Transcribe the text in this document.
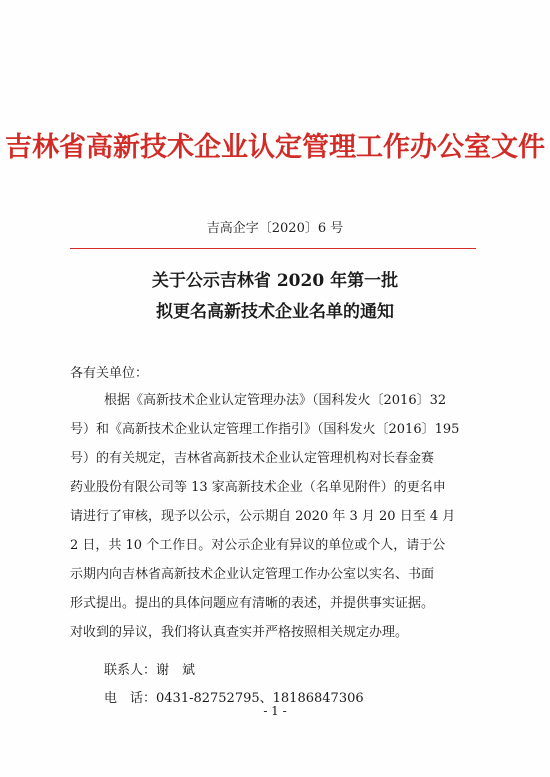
吉林省高新技术企业认定管理工作办公室文件
吉高企字〔2020〕6 号
关于公示吉林省 2020 年第一批
拟更名高新技术企业名单的通知
各有关单位：
根据《高新技术企业认定管理办法》（国科发火〔2016〕32
号）和《高新技术企业认定管理工作指引》（国科发火〔2016〕195
号）的有关规定，吉林省高新技术企业认定管理机构对长春金赛
药业股份有限公司等 13 家高新技术企业（名单见附件）的更名申
请进行了审核，现予以公示，公示期自 2020 年 3 月 20 日至 4 月
2 日，共 10 个工作日。对公示企业有异议的单位或个人，请于公
示期内向吉林省高新技术企业认定管理工作办公室以实名、书面
形式提出。提出的具体问题应有清晰的表述，并提供事实证据。
对收到的异议，我们将认真查实并严格按照相关规定办理。
联系人：谢　斌
电　话：0431-82752795、18186847306
- 1 -
